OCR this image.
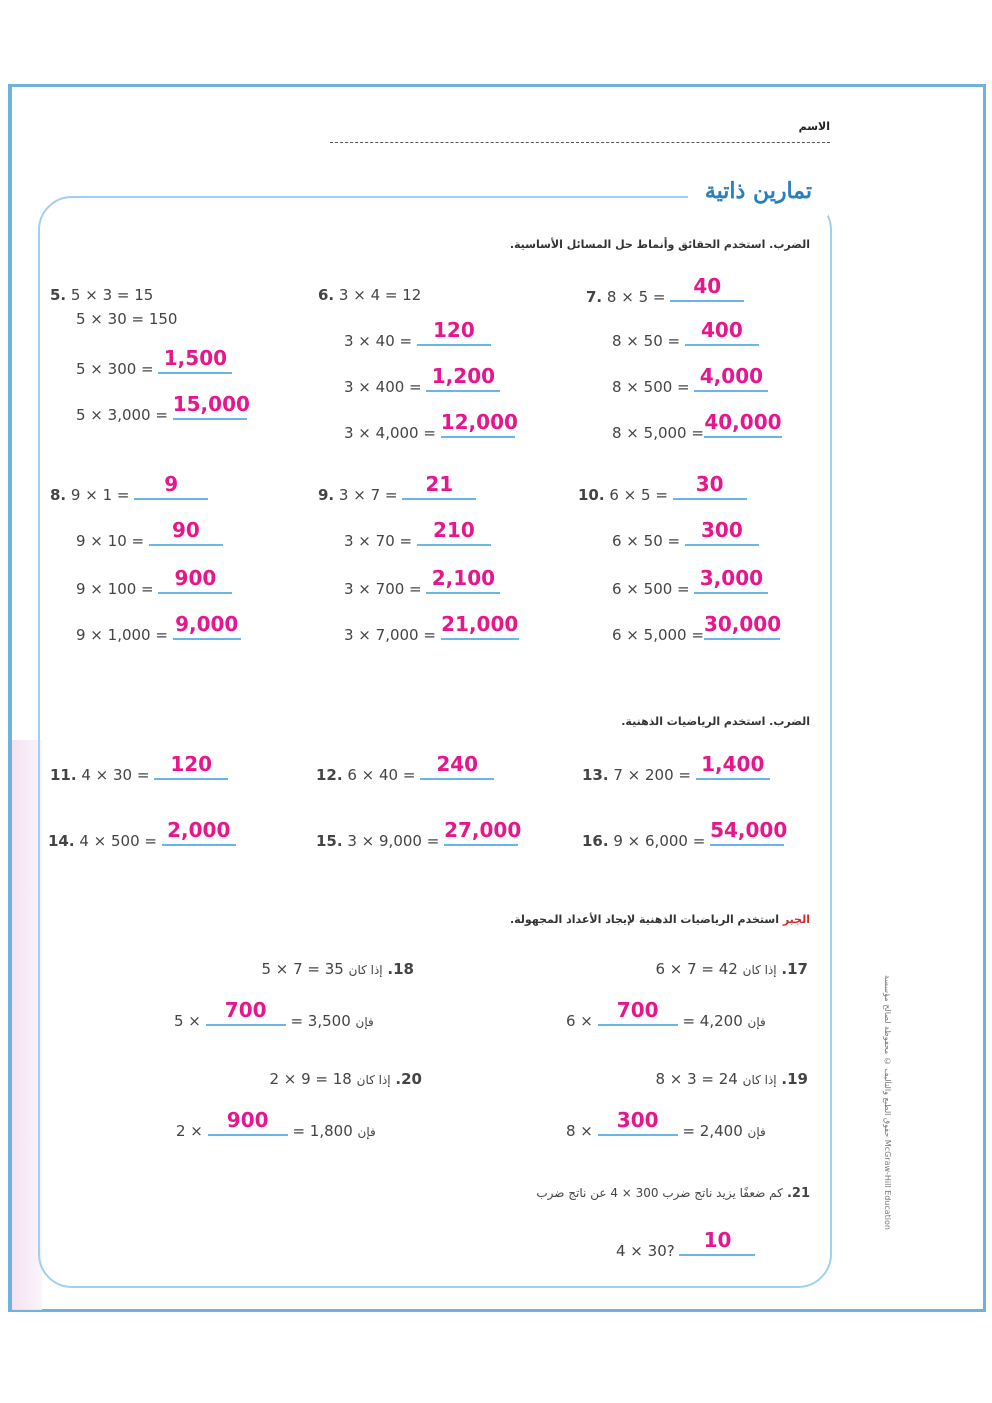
الاسم
تمارين ذاتية
الضرب. استخدم الحقائق وأنماط حل المسائل الأساسية.
5. 5 × 3 = 15
5 × 30 = 150
5 × 300 = 1,500
5 × 3,000 = 15,000
6. 3 × 4 = 12
3 × 40 =	120
3 × 400 = 1,200
3 × 4,000 = 12,000
7. 8 × 5 =	40
8 × 50 =	400
8 × 500 = 4,000
8 × 5,000 = 40,000
8. 9 × 1 =	9
9 × 10 =	90
9 × 100 =	900
9 × 1,000 = 9,000
9. 3 × 7 =	21
3 × 70 =	210
3 × 700 = 2,100
3 × 7,000 = 21,000
10. 6 × 5 =	30
6 × 50 =	300
6 × 500 = 3,000
6 × 5,000 = 30,000
الضرب. استخدم الرياضيات الذهنية.
11. 4 × 30 =	120	12. 6 × 40 =	240	13. 7 × 200 = 1,400
14. 4 × 500 = 2,000	15. 3 × 9,000 = 27,000	16. 9 × 6,000 = 54,000
الجبر استخدم الرياضيات الذهنية لإيجاد الأعداد المجهولة.
17. إذا كان 6 × 7 = 42
6 ×	700	= 4,200 فإن
18. إذا كان 5 × 7 = 35
5 ×	700	= 3,500 فإن
19. إذا كان 8 × 3 = 24
8 ×	300	= 2,400 فإن
20. إذا كان 2 × 9 = 18
2 ×	900	= 1,800 فإن
21. كم ضعفًا يزيد ناتج ضرب 300 × 4 عن ناتج ضرب
4 × 30?	10
حقوق الطبع والتأليف © محفوظة لصالح مؤسسة McGraw-Hill Education
